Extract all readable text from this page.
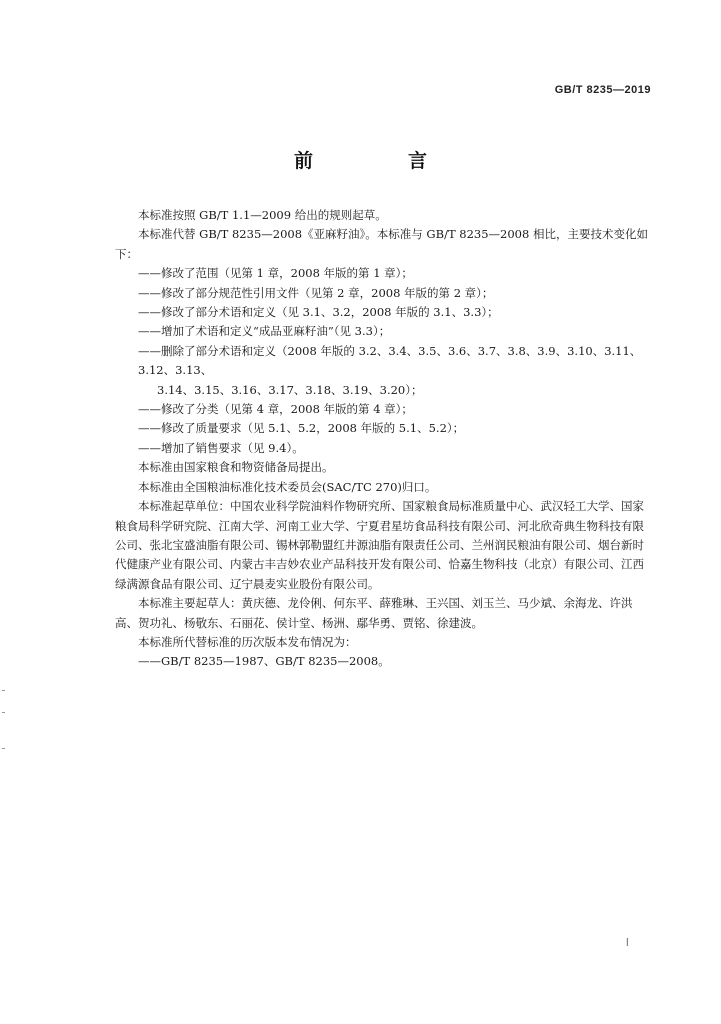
GB/T 8235—2019
前　言

本标准按照 GB/T 1.1—2009 给出的规则起草。

本标准代替 GB/T 8235—2008《亚麻籽油》。本标准与 GB/T 8235—2008 相比，主要技术变化如下：

——修改了范围（见第 1 章，2008 年版的第 1 章）；

——修改了部分规范性引用文件（见第 2 章，2008 年版的第 2 章）；

——修改了部分术语和定义（见 3.1、3.2，2008 年版的 3.1、3.3）；

——增加了术语和定义“成品亚麻籽油”（见 3.3）；

——删除了部分术语和定义（2008 年版的 3.2、3.4、3.5、3.6、3.7、3.8、3.9、3.10、3.11、3.12、3.13、

3.14、3.15、3.16、3.17、3.18、3.19、3.20）；

——修改了分类（见第 4 章，2008 年版的第 4 章）；

——修改了质量要求（见 5.1、5.2，2008 年版的 5.1、5.2）；

——增加了销售要求（见 9.4）。

本标准由国家粮食和物资储备局提出。

本标准由全国粮油标准化技术委员会(SAC/TC 270)归口。

本标准起草单位：中国农业科学院油料作物研究所、国家粮食局标准质量中心、武汉轻工大学、国家粮食局科学研究院、江南大学、河南工业大学、宁夏君星坊食品科技有限公司、河北欣奇典生物科技有限公司、张北宝盛油脂有限公司、锡林郭勒盟红井源油脂有限责任公司、兰州润民粮油有限公司、烟台新时代健康产业有限公司、内蒙古丰吉妙农业产品科技开发有限公司、恰嘉生物科技（北京）有限公司、江西绿满源食品有限公司、辽宁晨麦实业股份有限公司。

本标准主要起草人：黄庆德、龙伶俐、何东平、薛雅琳、王兴国、刘玉兰、马少斌、余海龙、许洪高、贺功礼、杨敬东、石丽花、侯计堂、杨洲、鄢华勇、贾铭、徐建波。

本标准所代替标准的历次版本发布情况为：

——GB/T 8235—1987、GB/T 8235—2008。

Ⅰ
